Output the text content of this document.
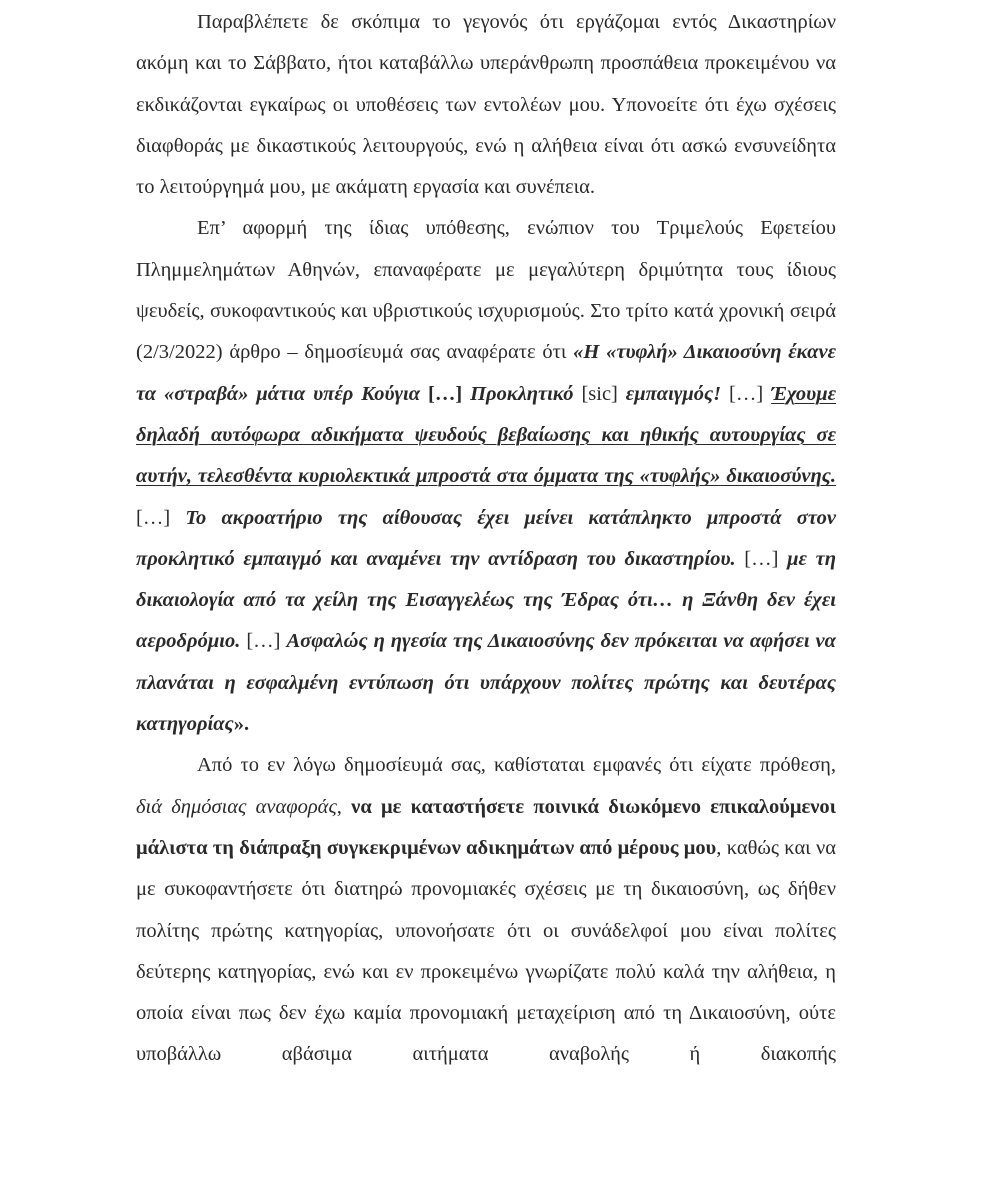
Παραβλέπετε δε σκόπιμα το γεγονός ότι εργάζομαι εντός Δικαστηρίων ακόμη και το Σάββατο, ήτοι καταβάλλω υπεράνθρωπη προσπάθεια προκειμένου να εκδικάζονται εγκαίρως οι υποθέσεις των εντολέων μου. Υπονοείτε ότι έχω σχέσεις διαφθοράς με δικαστικούς λειτουργούς, ενώ η αλήθεια είναι ότι ασκώ ενσυνείδητα το λειτούργημά μου, με ακάματη εργασία και συνέπεια.

Επ’ αφορμή της ίδιας υπόθεσης, ενώπιον του Τριμελούς Εφετείου Πλημμελημάτων Αθηνών, επαναφέρατε με μεγαλύτερη δριμύτητα τους ίδιους ψευδείς, συκοφαντικούς και υβριστικούς ισχυρισμούς. Στο τρίτο κατά χρονική σειρά (2/3/2022) άρθρο – δημοσίευμά σας αναφέρατε ότι «Η «τυφλή» Δικαιοσύνη έκανε τα «στραβά» μάτια υπέρ Κούγια […] Προκλητικό [sic] εμπαιγμός! […] Έχουμε δηλαδή αυτόφωρα αδικήματα ψευδούς βεβαίωσης και ηθικής αυτουργίας σε αυτήν, τελεσθέντα κυριολεκτικά μπροστά στα όμματα της «τυφλής» δικαιοσύνης. […] Το ακροατήριο της αίθουσας έχει μείνει κατάπληκτο μπροστά στον προκλητικό εμπαιγμό και αναμένει την αντίδραση του δικαστηρίου. […] με τη δικαιολογία από τα χείλη της Εισαγγελέως της Έδρας ότι… η Ξάνθη δεν έχει αεροδρόμιο. […] Ασφαλώς η ηγεσία της Δικαιοσύνης δεν πρόκειται να αφήσει να πλανάται η εσφαλμένη εντύπωση ότι υπάρχουν πολίτες πρώτης και δευτέρας κατηγορίας».

Από το εν λόγω δημοσίευμά σας, καθίσταται εμφανές ότι είχατε πρόθεση, διά δημόσιας αναφοράς, να με καταστήσετε ποινικά διωκόμενο επικαλούμενοι μάλιστα τη διάπραξη συγκεκριμένων αδικημάτων από μέρους μου, καθώς και να με συκοφαντήσετε ότι διατηρώ προνομιακές σχέσεις με τη δικαιοσύνη, ως δήθεν πολίτης πρώτης κατηγορίας, υπονοήσατε ότι οι συνάδελφοί μου είναι πολίτες δεύτερης κατηγορίας, ενώ και εν προκειμένω γνωρίζατε πολύ καλά την αλήθεια, η οποία είναι πως δεν έχω καμία προνομιακή μεταχείριση από τη Δικαιοσύνη, ούτε υποβάλλω αβάσιμα αιτήματα αναβολής ή διακοπής
